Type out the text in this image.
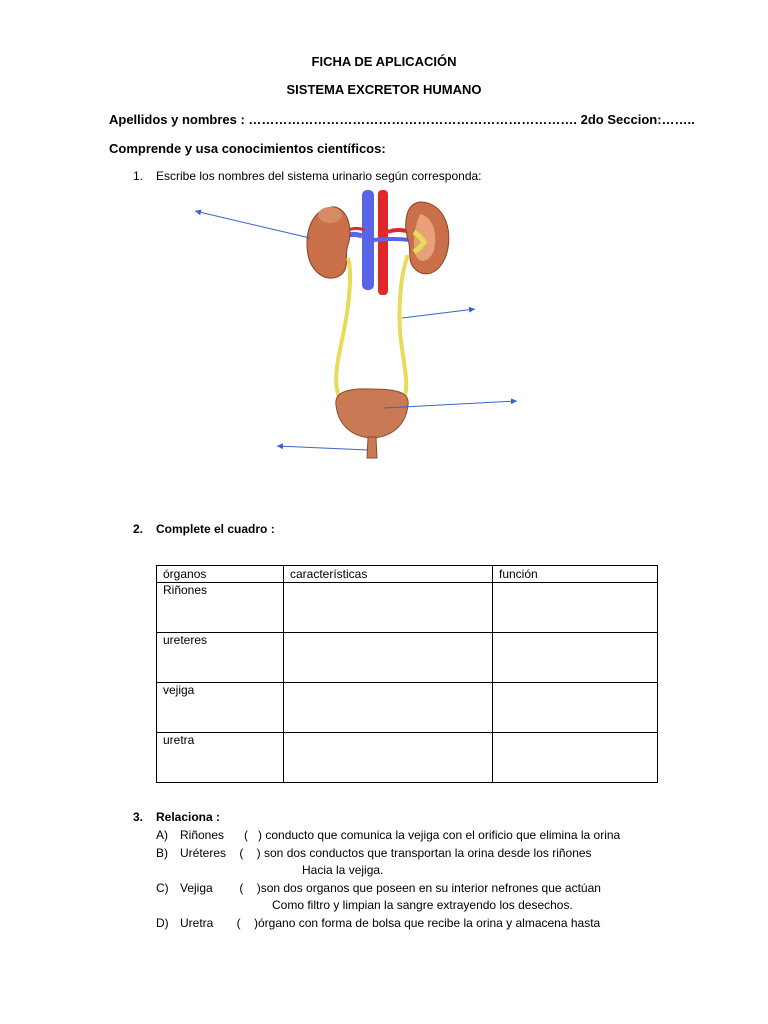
FICHA DE APLICACIÓN
SISTEMA EXCRETOR HUMANO
Apellidos y nombres : …………………………………………………………………. 2do Seccion:……..
Comprende y usa conocimientos científicos:
1. Escribe los nombres del sistema urinario según corresponda:
2. Complete el cuadro :
órganos	características	función
Riñones		
ureteres		
vejiga		
uretra		
3. Relaciona :
A) Riñones      (   ) conducto que comunica la vejiga con el orificio que elimina la orina
B) Uréteres    (    ) son dos conductos que transportan la orina desde los riñones
Hacia la vejiga.
C) Vejiga        (    )son dos organos que poseen en su interior nefrones que actúan
Como filtro y limpian la sangre extrayendo los desechos.
D) Uretra       (    )órgano con forma de bolsa que recibe la orina y almacena hasta
